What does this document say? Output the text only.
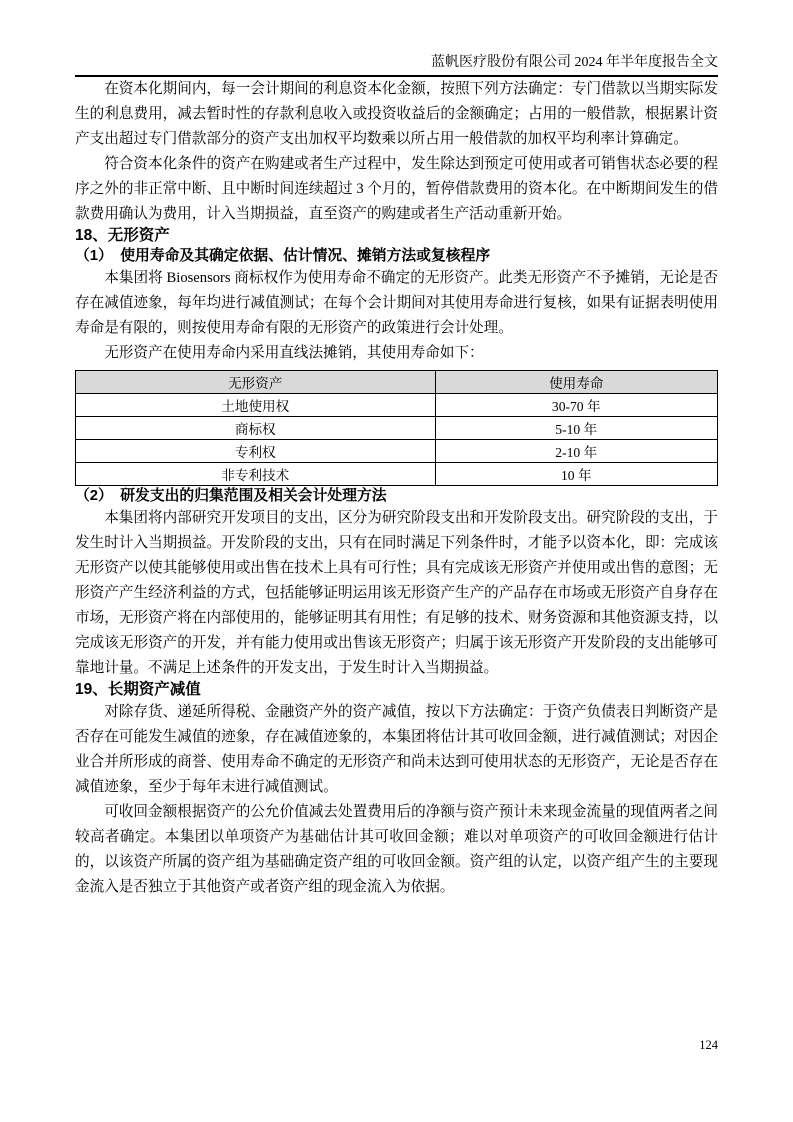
蓝帆医疗股份有限公司 2024 年半年度报告全文

在资本化期间内，每一会计期间的利息资本化金额，按照下列方法确定：专门借款以当期实际发生的利息费用，减去暂时性的存款利息收入或投资收益后的金额确定；占用的一般借款，根据累计资产支出超过专门借款部分的资产支出加权平均数乘以所占用一般借款的加权平均利率计算确定。

符合资本化条件的资产在购建或者生产过程中，发生除达到预定可使用或者可销售状态必要的程序之外的非正常中断、且中断时间连续超过 3 个月的，暂停借款费用的资本化。在中断期间发生的借款费用确认为费用，计入当期损益，直至资产的购建或者生产活动重新开始。

18、无形资产
（1）　使用寿命及其确定依据、估计情况、摊销方法或复核程序

本集团将 Biosensors 商标权作为使用寿命不确定的无形资产。此类无形资产不予摊销，无论是否存在减值迹象，每年均进行减值测试；在每个会计期间对其使用寿命进行复核，如果有证据表明使用寿命是有限的，则按使用寿命有限的无形资产的政策进行会计处理。

无形资产在使用寿命内采用直线法摊销，其使用寿命如下：

无形资产	使用寿命
土地使用权	30-70 年
商标权	5-10 年
专利权	2-10 年
非专利技术	10 年
（2）　研发支出的归集范围及相关会计处理方法

本集团将内部研究开发项目的支出，区分为研究阶段支出和开发阶段支出。研究阶段的支出，于发生时计入当期损益。开发阶段的支出，只有在同时满足下列条件时，才能予以资本化，即：完成该无形资产以使其能够使用或出售在技术上具有可行性；具有完成该无形资产并使用或出售的意图；无形资产产生经济利益的方式，包括能够证明运用该无形资产生产的产品存在市场或无形资产自身存在市场，无形资产将在内部使用的，能够证明其有用性；有足够的技术、财务资源和其他资源支持，以完成该无形资产的开发，并有能力使用或出售该无形资产；归属于该无形资产开发阶段的支出能够可靠地计量。不满足上述条件的开发支出，于发生时计入当期损益。

19、长期资产减值

对除存货、递延所得税、金融资产外的资产减值，按以下方法确定：于资产负债表日判断资产是否存在可能发生减值的迹象，存在减值迹象的，本集团将估计其可收回金额，进行减值测试；对因企业合并所形成的商誉、使用寿命不确定的无形资产和尚未达到可使用状态的无形资产，无论是否存在减值迹象，至少于每年末进行减值测试。

可收回金额根据资产的公允价值减去处置费用后的净额与资产预计未来现金流量的现值两者之间较高者确定。本集团以单项资产为基础估计其可收回金额；难以对单项资产的可收回金额进行估计的，以该资产所属的资产组为基础确定资产组的可收回金额。资产组的认定，以资产组产生的主要现金流入是否独立于其他资产或者资产组的现金流入为依据。

124
